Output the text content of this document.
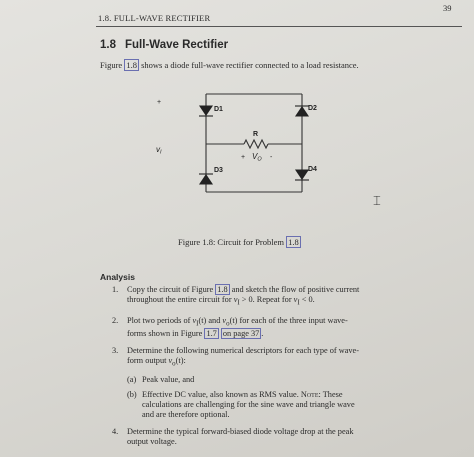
1.8. FULL-WAVE RECTIFIER
39
1.8 Full-Wave Rectifier
Figure 1.8 shows a diode full-wave rectifier connected to a load resistance.
+
vI
D1	D2
D3	D4
R
+ VO -
Figure 1.8: Circuit for Problem 1.8
⌶
Analysis
1. Copy the circuit of Figure 1.8 and sketch the flow of positive current
throughout the entire circuit for $v_I > 0$. Repeat for $v_I < 0$.
2. Plot two periods of $v_I(t)$ and $v_o(t)$ for each of the three input wave-
forms shown in Figure 1.7 on page 37 .
3. Determine the following numerical descriptors for each type of wave-
form output $v_o(t)$:
(a) Peak value, and
(b) Effective DC value, also known as RMS value. Note: These
calculations are challenging for the sine wave and triangle wave
and are therefore optional.
4. Determine the typical forward-biased diode voltage drop at the peak
output voltage.
